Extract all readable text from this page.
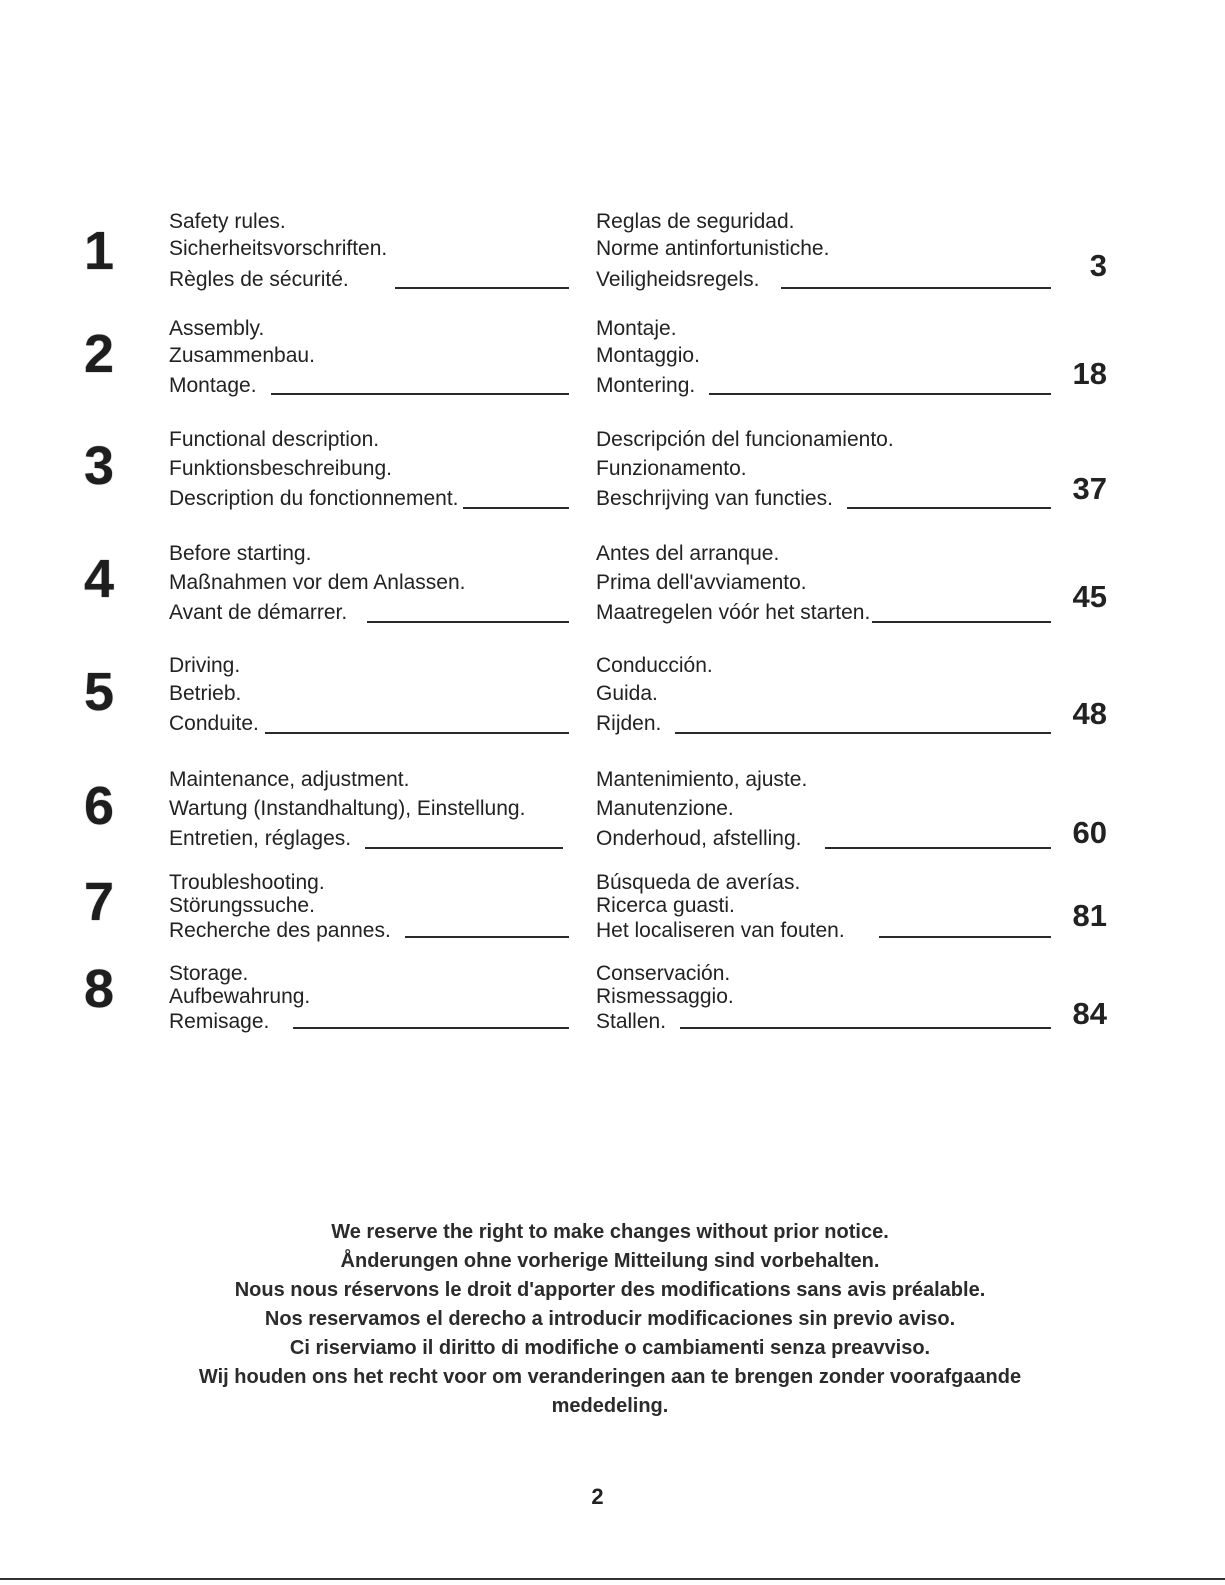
1	Safety rules.
Sicherheitsvorschriften.
Règles de sécurité.
Reglas de seguridad.
Norme antinfortunistiche.
Veiligheidsregels.	3
2	Assembly.
Zusammenbau.
Montage.
Montaje.
Montaggio.
Montering.	18
3	Functional description.
Funktionsbeschreibung.
Description du fonctionnement.
Descripción del funcionamiento.
Funzionamento.
Beschrijving van functies.	37
4	Before starting.
Maßnahmen vor dem Anlassen.
Avant de démarrer.
Antes del arranque.
Prima dell'avviamento.
Maatregelen vóór het starten.	45
5	Driving.
Betrieb.
Conduite.
Conducción.
Guida.
Rijden.	48
6	Maintenance, adjustment.
Wartung (Instandhaltung), Einstellung.
Entretien, réglages.
Mantenimiento, ajuste.
Manutenzione.
Onderhoud, afstelling.	60
7	Troubleshooting.
Störungssuche.
Recherche des pannes.
Búsqueda de averías.
Ricerca guasti.
Het localiseren van fouten.	81
8	Storage.
Aufbewahrung.
Remisage.
Conservación.
Rismessaggio.
Stallen.	84
We reserve the right to make changes without prior notice.
Ånderungen ohne vorherige Mitteilung sind vorbehalten.
Nous nous réservons le droit d'apporter des modifications sans avis préalable.
Nos reservamos el derecho a introducir modificaciones sin previo aviso.
Ci riserviamo il diritto di modifiche o cambiamenti senza preavviso.
Wij houden ons het recht voor om veranderingen aan te brengen zonder voorafgaande
mededeling.
2
